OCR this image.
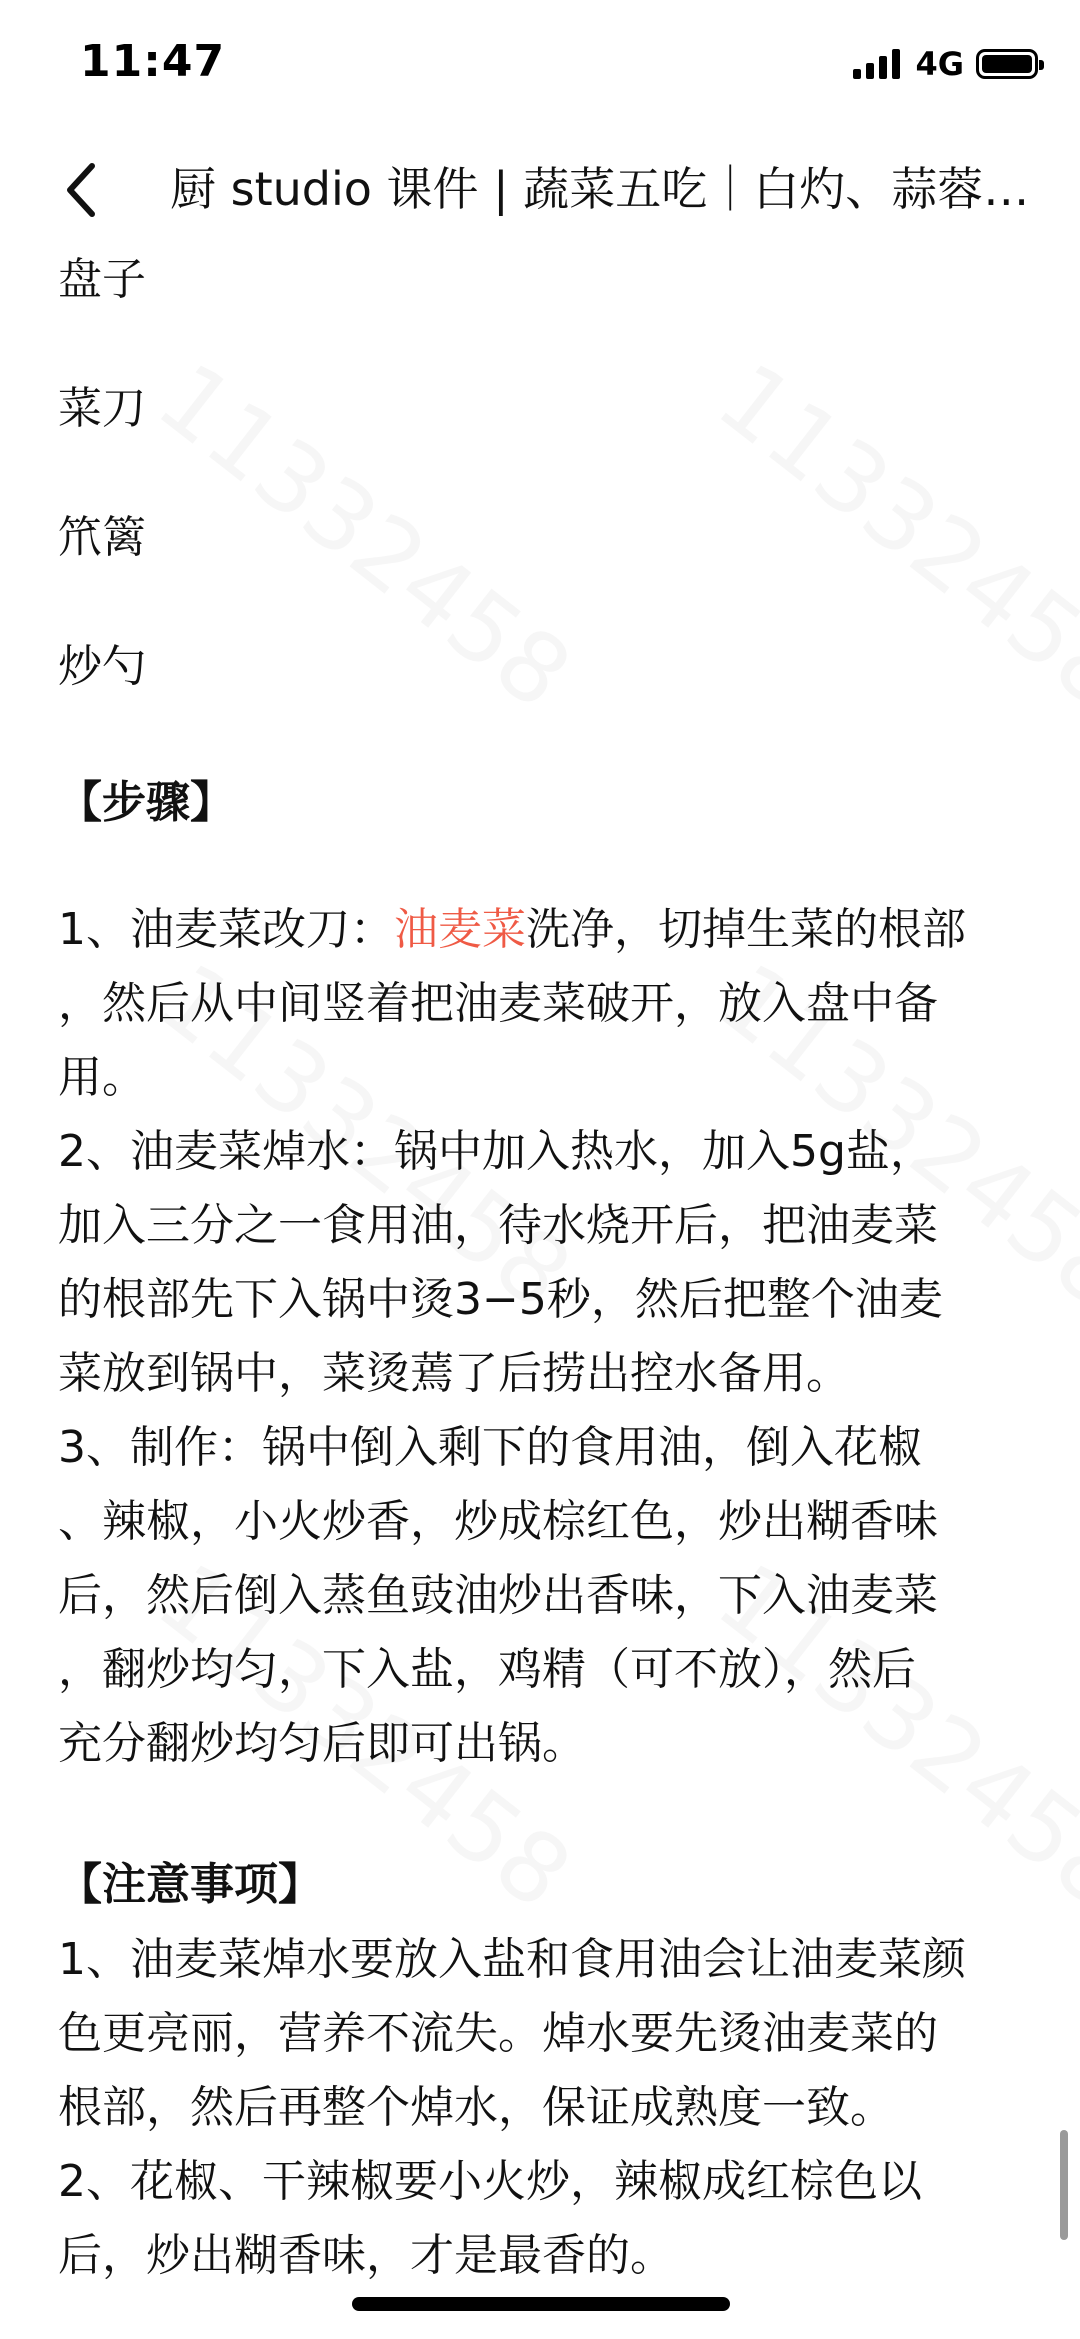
11:47	4G
厨 studio 课件 | 蔬菜五吃｜白灼、蒜蓉…
盘子
菜刀
笊篱
炒勺
【步骤】
1、油麦菜改刀：油麦菜洗净，切掉生菜的根部
，然后从中间竖着把油麦菜破开，放入盘中备
用。
2、油麦菜焯水：锅中加入热水，加入5g盐，
加入三分之一食用油，待水烧开后，把油麦菜
的根部先下入锅中烫3−5秒，然后把整个油麦
菜放到锅中，菜烫蔫了后捞出控水备用。
3、制作：锅中倒入剩下的食用油，倒入花椒
、辣椒，小火炒香，炒成棕红色，炒出糊香味
后，然后倒入蒸鱼豉油炒出香味，下入油麦菜
，翻炒均匀，下入盐，鸡精（可不放），然后
充分翻炒均匀后即可出锅。
【注意事项】
1、油麦菜焯水要放入盐和食用油会让油麦菜颜
色更亮丽，营养不流失。焯水要先烫油麦菜的
根部，然后再整个焯水，保证成熟度一致。
2、花椒、干辣椒要小火炒，辣椒成红棕色以
后，炒出糊香味，才是最香的。
